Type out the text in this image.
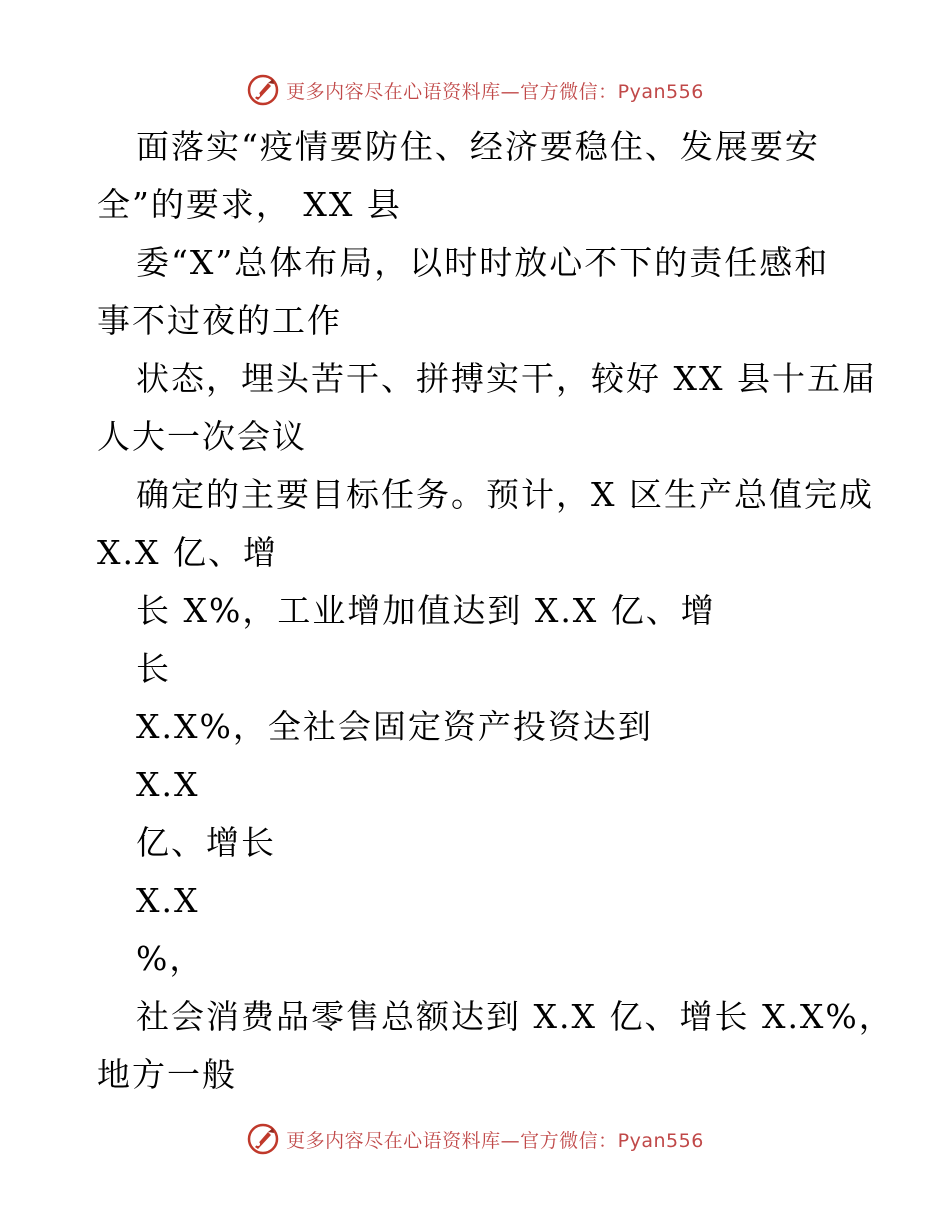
更多内容尽在心语资料库—官方微信：Pyan556
面落实“疫情要防住、经济要稳住、发展要安
全”的要求， XX 县
委“X”总体布局，以时时放心不下的责任感和
事不过夜的工作
状态，埋头苦干、拼搏实干，较好 XX 县十五届
人大一次会议
确定的主要目标任务。预计，X 区生产总值完成
X.X 亿、增
长 X%，工业增加值达到 X.X 亿、增
长
X.X%，全社会固定资产投资达到
X.X
亿、增长
X.X
%，
社会消费品零售总额达到 X.X 亿、增长 X.X%，
地方一般
更多内容尽在心语资料库—官方微信：Pyan556
